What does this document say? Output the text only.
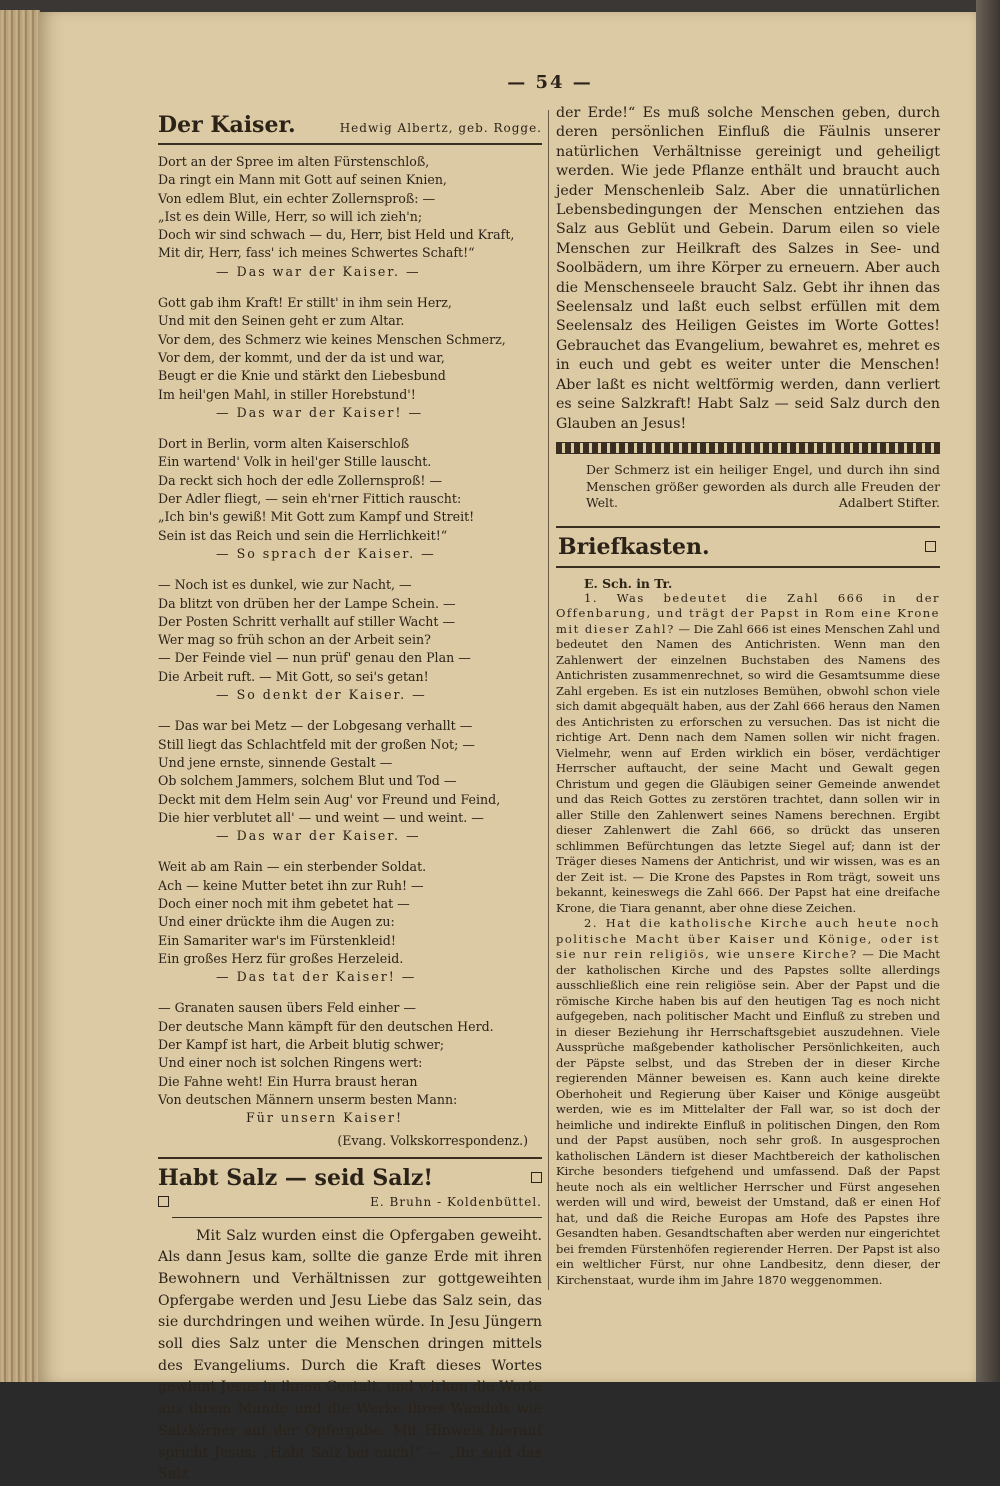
— 54 —
Der Kaiser.	Hedwig Albertz, geb. Rogge.
Dort an der Spree im alten Fürstenschloß,
Da ringt ein Mann mit Gott auf seinen Knien,
Von edlem Blut, ein echter Zollernsproß: —
„Ist es dein Wille, Herr, so will ich zieh'n;
Doch wir sind schwach — du, Herr, bist Held und Kraft,
Mit dir, Herr, fass' ich meines Schwertes Schaft!“
— Das war der Kaiser. —
Gott gab ihm Kraft! Er stillt' in ihm sein Herz,
Und mit den Seinen geht er zum Altar.
Vor dem, des Schmerz wie keines Menschen Schmerz,
Vor dem, der kommt, und der da ist und war,
Beugt er die Knie und stärkt den Liebesbund
Im heil'gen Mahl, in stiller Horebstund'!
— Das war der Kaiser! —
Dort in Berlin, vorm alten Kaiserschloß
Ein wartend' Volk in heil'ger Stille lauscht.
Da reckt sich hoch der edle Zollernsproß! —
Der Adler fliegt, — sein eh'rner Fittich rauscht:
„Ich bin's gewiß! Mit Gott zum Kampf und Streit!
Sein ist das Reich und sein die Herrlichkeit!“
— So sprach der Kaiser. —
— Noch ist es dunkel, wie zur Nacht, —
Da blitzt von drüben her der Lampe Schein. —
Der Posten Schritt verhallt auf stiller Wacht —
Wer mag so früh schon an der Arbeit sein?
— Der Feinde viel — nun prüf' genau den Plan —
Die Arbeit ruft. — Mit Gott, so sei's getan!
— So denkt der Kaiser. —
— Das war bei Metz — der Lobgesang verhallt —
Still liegt das Schlachtfeld mit der großen Not; —
Und jene ernste, sinnende Gestalt —
Ob solchem Jammers, solchem Blut und Tod —
Deckt mit dem Helm sein Aug' vor Freund und Feind,
Die hier verblutet all' — und weint — und weint. —
— Das war der Kaiser. —
Weit ab am Rain — ein sterbender Soldat.
Ach — keine Mutter betet ihn zur Ruh! —
Doch einer noch mit ihm gebetet hat —
Und einer drückte ihm die Augen zu:
Ein Samariter war's im Fürstenkleid!
Ein großes Herz für großes Herzeleid.
— Das tat der Kaiser! —
— Granaten sausen übers Feld einher —
Der deutsche Mann kämpft für den deutschen Herd.
Der Kampf ist hart, die Arbeit blutig schwer;
Und einer noch ist solchen Ringens wert:
Die Fahne weht! Ein Hurra braust heran
Von deutschen Männern unserm besten Mann:
Für unsern Kaiser!
(Evang. Volkskorrespondenz.)
Habt Salz — seid Salz!
E. Bruhn - Koldenbüttel.

Mit Salz wurden einst die Opfergaben geweiht. Als dann Jesus kam, sollte die ganze Erde mit ihren Bewohnern und Verhältnissen zur gottgeweihten Opfergabe werden und Jesu Liebe das Salz sein, das sie durchdringen und weihen würde. In Jesu Jüngern soll dies Salz unter die Menschen dringen mittels des Evangeliums. Durch die Kraft dieses Wortes gewinnt Jesus in ihnen Gestalt, und wirken die Worte aus ihrem Munde und die Werke ihres Wandels wie Salzkörner auf der Opfergabe. Mit Hinweis hierauf spricht Jesus: „Habt Salz bei euch!“ — „Ihr seid das Salz

der Erde!“ Es muß solche Menschen geben, durch deren persönlichen Einfluß die Fäulnis unserer natürlichen Verhältnisse gereinigt und geheiligt werden. Wie jede Pflanze enthält und braucht auch jeder Menschenleib Salz. Aber die unnatürlichen Lebensbedingungen der Menschen entziehen das Salz aus Geblüt und Gebein. Darum eilen so viele Menschen zur Heilkraft des Salzes in See- und Soolbädern, um ihre Körper zu erneuern. Aber auch die Menschenseele braucht Salz. Gebt ihr ihnen das Seelensalz und laßt euch selbst erfüllen mit dem Seelensalz des Heiligen Geistes im Worte Gottes! Gebrauchet das Evangelium, bewahret es, mehret es in euch und gebt es weiter unter die Menschen! Aber laßt es nicht weltförmig werden, dann verliert es seine Salzkraft! Habt Salz — seid Salz durch den Glauben an Jesus!
Der Schmerz ist ein heiliger Engel, und durch ihn sind Menschen größer geworden als durch alle Freuden der Welt.	Adalbert Stifter.
Briefkasten.
E. Sch. in Tr.

1. Was bedeutet die Zahl 666 in der Offenbarung, und trägt der Papst in Rom eine Krone mit dieser Zahl? — Die Zahl 666 ist eines Menschen Zahl und bedeutet den Namen des Antichristen. Wenn man den Zahlenwert der einzelnen Buchstaben des Namens des Antichristen zusammenrechnet, so wird die Gesamtsumme diese Zahl ergeben. Es ist ein nutzloses Bemühen, obwohl schon viele sich damit abgequält haben, aus der Zahl 666 heraus den Namen des Antichristen zu erforschen zu versuchen. Das ist nicht die richtige Art. Denn nach dem Namen sollen wir nicht fragen. Vielmehr, wenn auf Erden wirklich ein böser, verdächtiger Herrscher auftaucht, der seine Macht und Gewalt gegen Christum und gegen die Gläubigen seiner Gemeinde anwendet und das Reich Gottes zu zerstören trachtet, dann sollen wir in aller Stille den Zahlenwert seines Namens berechnen. Ergibt dieser Zahlenwert die Zahl 666, so drückt das unseren schlimmen Befürchtungen das letzte Siegel auf; dann ist der Träger dieses Namens der Antichrist, und wir wissen, was es an der Zeit ist. — Die Krone des Papstes in Rom trägt, soweit uns bekannt, keineswegs die Zahl 666. Der Papst hat eine dreifache Krone, die Tiara genannt, aber ohne diese Zeichen.

2. Hat die katholische Kirche auch heute noch politische Macht über Kaiser und Könige, oder ist sie nur rein religiös, wie unsere Kirche? — Die Macht der katholischen Kirche und des Papstes sollte allerdings ausschließlich eine rein religiöse sein. Aber der Papst und die römische Kirche haben bis auf den heutigen Tag es noch nicht aufgegeben, nach politischer Macht und Einfluß zu streben und in dieser Beziehung ihr Herrschaftsgebiet auszudehnen. Viele Aussprüche maßgebender katholischer Persönlichkeiten, auch der Päpste selbst, und das Streben der in dieser Kirche regierenden Männer beweisen es. Kann auch keine direkte Oberhoheit und Regierung über Kaiser und Könige ausgeübt werden, wie es im Mittelalter der Fall war, so ist doch der heimliche und indirekte Einfluß in politischen Dingen, den Rom und der Papst ausüben, noch sehr groß. In ausgesprochen katholischen Ländern ist dieser Machtbereich der katholischen Kirche besonders tiefgehend und umfassend. Daß der Papst heute noch als ein weltlicher Herrscher und Fürst angesehen werden will und wird, beweist der Umstand, daß er einen Hof hat, und daß die Reiche Europas am Hofe des Papstes ihre Gesandten haben. Gesandtschaften aber werden nur eingerichtet bei fremden Fürstenhöfen regierender Herren. Der Papst ist also ein weltlicher Fürst, nur ohne Landbesitz, denn dieser, der Kirchenstaat, wurde ihm im Jahre 1870 weggenommen.
